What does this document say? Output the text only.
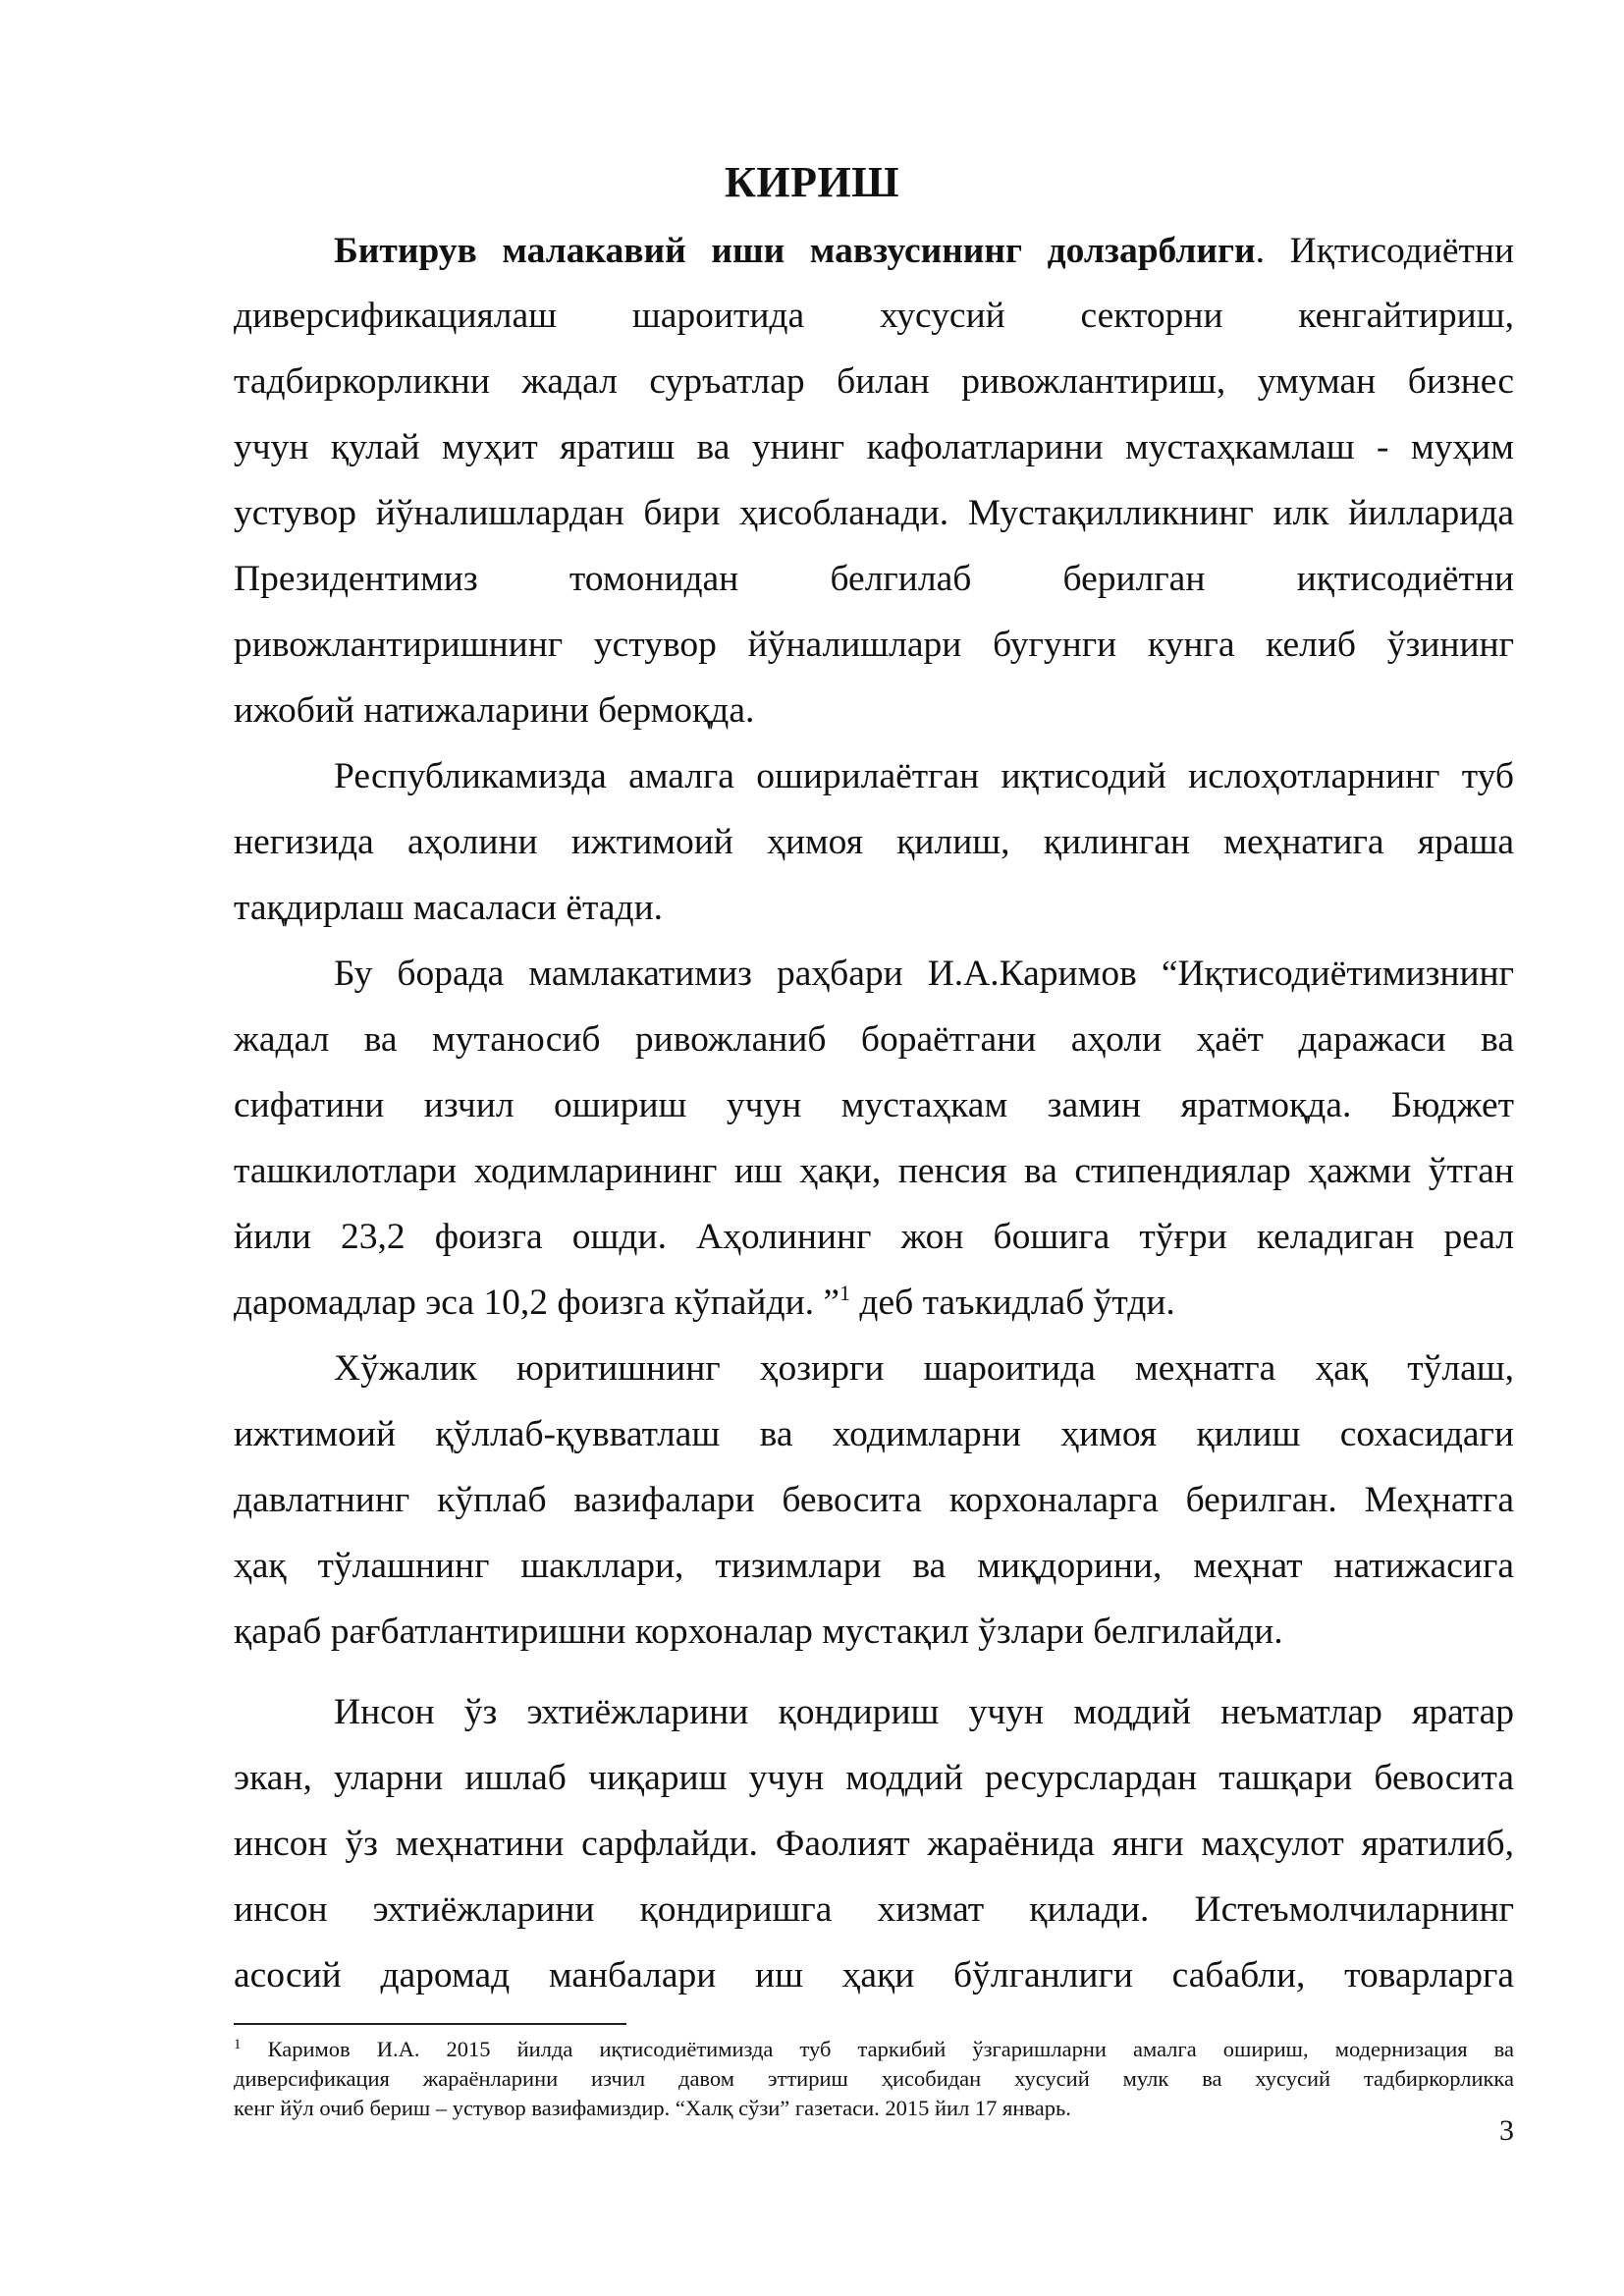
КИРИШ
Битирув малакавий иши мавзусининг долзарблиги. Иқтисодиётни
диверсификациялаш шароитида хусусий секторни кенгайтириш,
тадбиркорликни жадал суръатлар билан ривожлантириш, умуман бизнес
учун қулай муҳит яратиш ва унинг кафолатларини мустаҳкамлаш - муҳим
устувор йўналишлардан бири ҳисобланади. Мустақилликнинг илк йилларида
Президентимиз томонидан белгилаб берилган иқтисодиётни
ривожлантиришнинг устувор йўналишлари бугунги кунга келиб ўзининг
ижобий натижаларини бермоқда.
Республикамизда амалга оширилаётган иқтисодий ислоҳотларнинг туб
негизида аҳолини ижтимоий ҳимоя қилиш, қилинган меҳнатига яраша
тақдирлаш масаласи ётади.
Бу борада мамлакатимиз раҳбари И.А.Каримов “Иқтисодиётимизнинг
жадал ва мутаносиб ривожланиб бораётгани аҳоли ҳаёт даражаси ва
сифатини изчил ошириш учун мустаҳкам замин яратмоқда. Бюджет
ташкилотлари ходимларининг иш ҳақи, пенсия ва стипендиялар ҳажми ўтган
йили 23,2 фоизга ошди. Аҳолининг жон бошига тўғри келадиган реал
даромадлар эса 10,2 фоизга кўпайди. ”$^1$ деб таъкидлаб ўтди.
Хўжалик юритишнинг ҳозирги шароитида меҳнатга ҳақ тўлаш,
ижтимоий қўллаб-қувватлаш ва ходимларни ҳимоя қилиш сохасидаги
давлатнинг кўплаб вазифалари бевосита корхоналарга берилган. Меҳнатга
ҳақ тўлашнинг шакллари, тизимлари ва миқдорини, меҳнат натижасига
қараб рағбатлантиришни корхоналар мустақил ўзлари белгилайди.
Инсон ўз эхтиёжларини қондириш учун моддий неъматлар яратар
экан, уларни ишлаб чиқариш учун моддий ресурслардан ташқари бевосита
инсон ўз меҳнатини сарфлайди. Фаолият жараёнида янги маҳсулот яратилиб,
инсон эхтиёжларини қондиришга хизмат қилади. Истеъмолчиларнинг
асосий даромад манбалари иш ҳақи бўлганлиги сабабли, товарларга
$^1$ Каримов И.А. 2015 йилда иқтисодиётимизда туб таркибий ўзгаришларни амалга ошириш, модернизация ва
диверсификация жараёнларини изчил давом эттириш ҳисобидан хусусий мулк ва хусусий тадбиркорликка
кенг йўл очиб бериш – устувор вазифамиздир. “Халқ сўзи” газетаси. 2015 йил 17 январь.
3
